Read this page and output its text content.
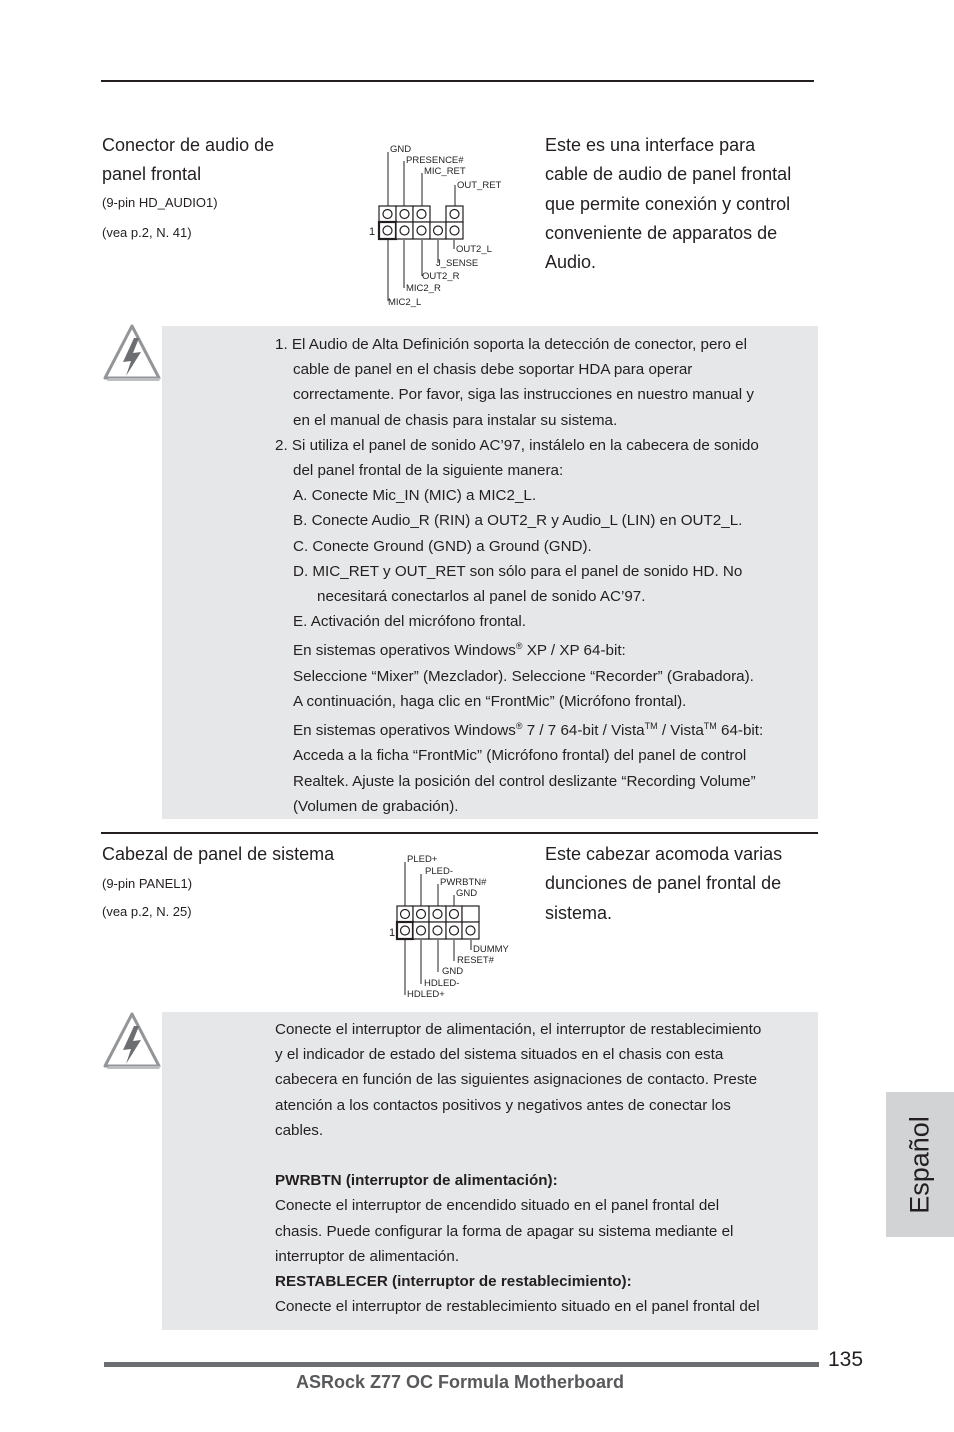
Conector de audio de
panel frontal
(9-pin HD_AUDIO1)
(vea p.2, N. 41)	1
GND
PRESENCE#
MIC_RET
OUT_RET
OUT2_L
J_SENSE
OUT2_R
MIC2_R
MIC2_L
Este es una interface para
cable de audio de panel frontal
que permite conexión y control
conveniente de apparatos de
Audio.

1. El Audio de Alta Definición soporta la detección de conector, pero el

cable de panel en el chasis debe soportar HDA para operar

correctamente. Por favor, siga las instrucciones en nuestro manual y

en el manual de chasis para instalar su sistema.

2. Si utiliza el panel de sonido AC’97, instálelo en la cabecera de sonido

del panel frontal de la siguiente manera:

A. Conecte Mic_IN (MIC) a MIC2_L.

B. Conecte Audio_R (RIN) a OUT2_R y Audio_L (LIN) en OUT2_L.

C. Conecte Ground (GND) a Ground (GND).

D. MIC_RET y OUT_RET son sólo para el panel de sonido HD. No

necesitará conectarlos al panel de sonido AC’97.

E. Activación del micrófono frontal.

En sistemas operativos Windows® XP / XP 64-bit:

Seleccione “Mixer” (Mezclador). Seleccione “Recorder” (Grabadora).

A continuación, haga clic en “FrontMic” (Micrófono frontal).

En sistemas operativos Windows® 7 / 7 64-bit / Vista™ / Vista™ 64-bit:

Acceda a la ficha “FrontMic” (Micrófono frontal) del panel de control

Realtek. Ajuste la posición del control deslizante “Recording Volume”

(Volumen de grabación).

Cabezal de panel de sistema
(9-pin PANEL1)
(vea p.2, N. 25)
1
PLED+
PLED-
PWRBTN#
GND
DUMMY
RESET#
GND
HDLED-
HDLED+
Este cabezar acomoda varias
dunciones de panel frontal de
sistema.

Conecte el interruptor de alimentación, el interruptor de restablecimiento

y el indicador de estado del sistema situados en el chasis con esta

cabecera en función de las siguientes asignaciones de contacto. Preste

atención a los contactos positivos y negativos antes de conectar los

cables.

PWRBTN (interruptor de alimentación):

Conecte el interruptor de encendido situado en el panel frontal del

chasis. Puede configurar la forma de apagar su sistema mediante el

interruptor de alimentación.

RESTABLECER (interruptor de restablecimiento):

Conecte el interruptor de restablecimiento situado en el panel frontal del

Español
135
ASRock Z77 OC Formula Motherboard
